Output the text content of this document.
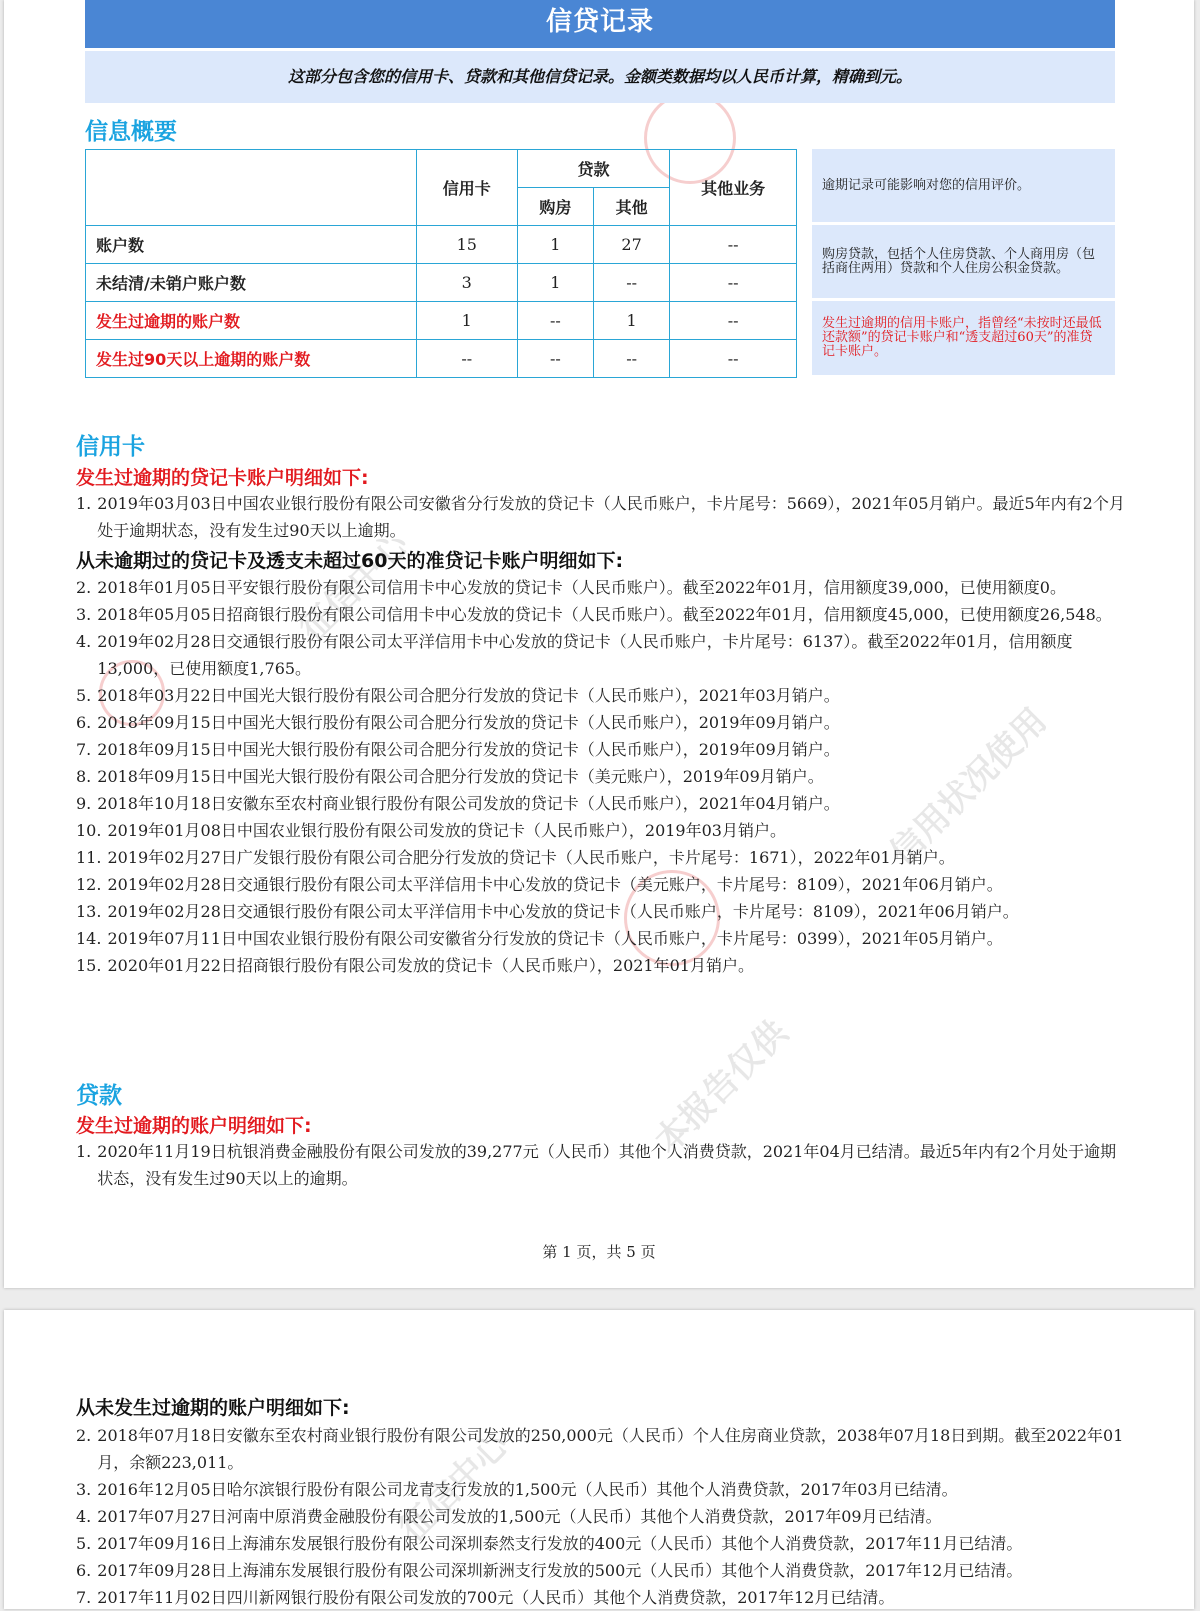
征信中心
信用状况使用
本报告仅供
信贷记录
这部分包含您的信用卡、贷款和其他信贷记录。金额类数据均以人民币计算，精确到元。
信息概要
	信用卡	贷款		其他业务
		购房	其他	
账户数	15	1	27	--
未结清/未销户账户数	3	1	--	--
发生过逾期的账户数	1	--	1	--
发生过90天以上逾期的账户数	--	--	--	--
逾期记录可能影响对您的信用评价。
购房贷款，包括个人住房贷款、个人商用房（包括商住两用）贷款和个人住房公积金贷款。
发生过逾期的信用卡账户，指曾经“未按时还最低还款额”的贷记卡账户和“透支超过60天”的准贷记卡账户。
信用卡
发生过逾期的贷记卡账户明细如下:
1. 2019年03月03日中国农业银行股份有限公司安徽省分行发放的贷记卡（人民币账户，卡片尾号：5669），2021年05月销户。最近5年内有2个月处于逾期状态，没有发生过90天以上逾期。
从未逾期过的贷记卡及透支未超过60天的准贷记卡账户明细如下:
2. 2018年01月05日平安银行股份有限公司信用卡中心发放的贷记卡（人民币账户）。截至2022年01月，信用额度39,000，已使用额度0。
3. 2018年05月05日招商银行股份有限公司信用卡中心发放的贷记卡（人民币账户）。截至2022年01月，信用额度45,000，已使用额度26,548。
4. 2019年02月28日交通银行股份有限公司太平洋信用卡中心发放的贷记卡（人民币账户，卡片尾号：6137）。截至2022年01月，信用额度13,000，已使用额度1,765。
5. 2018年03月22日中国光大银行股份有限公司合肥分行发放的贷记卡（人民币账户），2021年03月销户。
6. 2018年09月15日中国光大银行股份有限公司合肥分行发放的贷记卡（人民币账户），2019年09月销户。
7. 2018年09月15日中国光大银行股份有限公司合肥分行发放的贷记卡（人民币账户），2019年09月销户。
8. 2018年09月15日中国光大银行股份有限公司合肥分行发放的贷记卡（美元账户），2019年09月销户。
9. 2018年10月18日安徽东至农村商业银行股份有限公司发放的贷记卡（人民币账户），2021年04月销户。
10. 2019年01月08日中国农业银行股份有限公司发放的贷记卡（人民币账户），2019年03月销户。
11. 2019年02月27日广发银行股份有限公司合肥分行发放的贷记卡（人民币账户，卡片尾号：1671），2022年01月销户。
12. 2019年02月28日交通银行股份有限公司太平洋信用卡中心发放的贷记卡（美元账户，卡片尾号：8109），2021年06月销户。
13. 2019年02月28日交通银行股份有限公司太平洋信用卡中心发放的贷记卡（人民币账户，卡片尾号：8109），2021年06月销户。
14. 2019年07月11日中国农业银行股份有限公司安徽省分行发放的贷记卡（人民币账户，卡片尾号：0399），2021年05月销户。
15. 2020年01月22日招商银行股份有限公司发放的贷记卡（人民币账户），2021年01月销户。
贷款
发生过逾期的账户明细如下:
1. 2020年11月19日杭银消费金融股份有限公司发放的39,277元（人民币）其他个人消费贷款，2021年04月已结清。最近5年内有2个月处于逾期状态，没有发生过90天以上的逾期。
第 1 页，共 5 页
征信中心
从未发生过逾期的账户明细如下:
2. 2018年07月18日安徽东至农村商业银行股份有限公司发放的250,000元（人民币）个人住房商业贷款，2038年07月18日到期。截至2022年01月，余额223,011。
3. 2016年12月05日哈尔滨银行股份有限公司龙青支行发放的1,500元（人民币）其他个人消费贷款，2017年03月已结清。
4. 2017年07月27日河南中原消费金融股份有限公司发放的1,500元（人民币）其他个人消费贷款，2017年09月已结清。
5. 2017年09月16日上海浦东发展银行股份有限公司深圳泰然支行发放的400元（人民币）其他个人消费贷款，2017年11月已结清。
6. 2017年09月28日上海浦东发展银行股份有限公司深圳新洲支行发放的500元（人民币）其他个人消费贷款，2017年12月已结清。
7. 2017年11月02日四川新网银行股份有限公司发放的700元（人民币）其他个人消费贷款，2017年12月已结清。
